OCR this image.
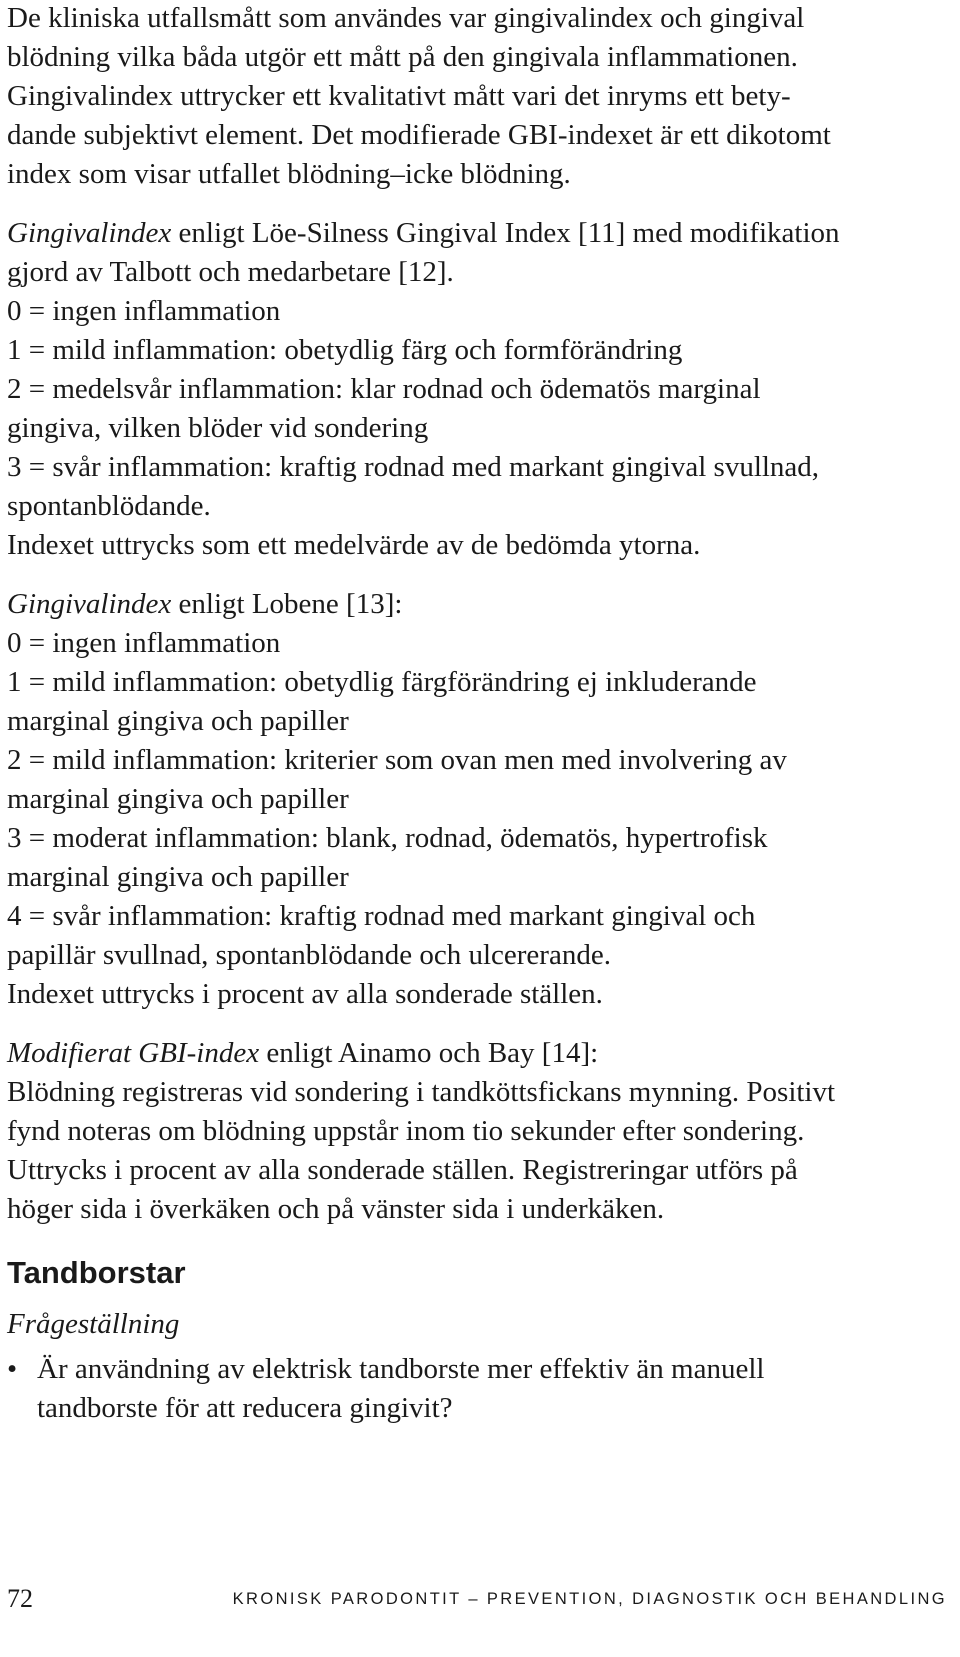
De kliniska utfallsmått som användes var gingivalindex och gingival
blödning vilka båda utgör ett mått på den gingivala inflammationen.
Gingivalindex uttrycker ett kvalitativt mått vari det inryms ett bety-
dande subjektivt element. Det modifierade GBI-indexet är ett dikotomt
index som visar utfallet blödning–icke blödning.

Gingivalindex enligt Löe-Silness Gingival Index [11] med modifikation
gjord av Talbott och medarbetare [12].
0 = ingen inflammation
1 = mild inflammation: obetydlig färg och formförändring
2 = medelsvår inflammation: klar rodnad och ödematös marginal
gingiva, vilken blöder vid sondering
3 = svår inflammation: kraftig rodnad med markant gingival svullnad,
spontanblödande.
Indexet uttrycks som ett medelvärde av de bedömda ytorna.

Gingivalindex enligt Lobene [13]:
0 = ingen inflammation
1 = mild inflammation: obetydlig färgförändring ej inkluderande
marginal gingiva och papiller
2 = mild inflammation: kriterier som ovan men med involvering av
marginal gingiva och papiller
3 = moderat inflammation: blank, rodnad, ödematös, hypertrofisk
marginal gingiva och papiller
4 = svår inflammation: kraftig rodnad med markant gingival och
papillär svullnad, spontanblödande och ulcererande.
Indexet uttrycks i procent av alla sonderade ställen.

Modifierat GBI-index enligt Ainamo och Bay [14]:
Blödning registreras vid sondering i tandköttsfickans mynning. Positivt
fynd noteras om blödning uppstår inom tio sekunder efter sondering.
Uttrycks i procent av alla sonderade ställen. Registreringar utförs på
höger sida i överkäken och på vänster sida i underkäken.

Tandborstar

Frågeställning

• Är användning av elektrisk tandborste mer effektiv än manuell
tandborste för att reducera gingivit?
72	KRONISK PARODONTIT – PREVENTION, DIAGNOSTIK OCH BEHANDLING
